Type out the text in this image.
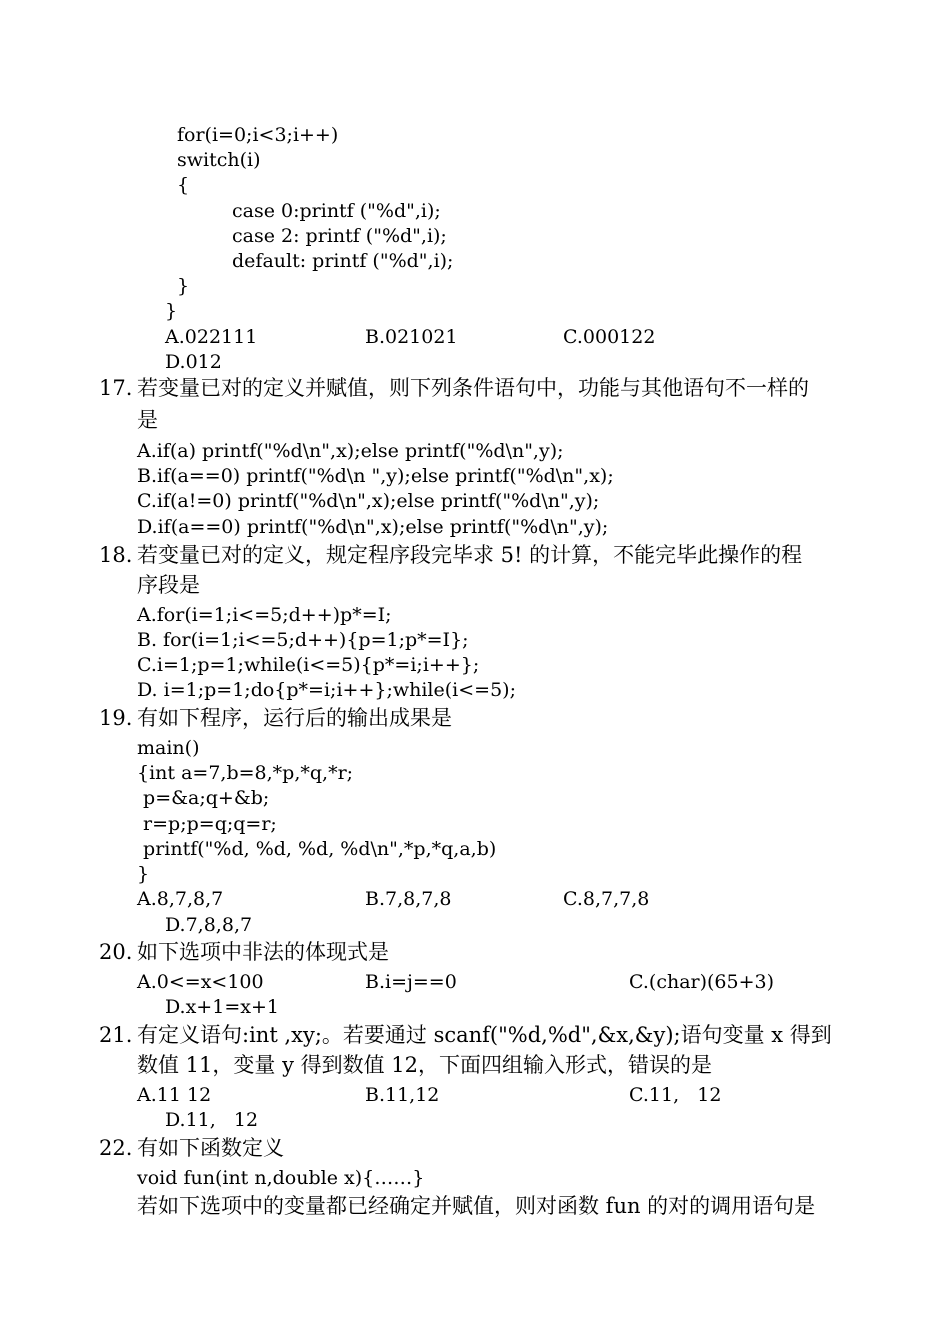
for(i=0;i<3;i++)
switch(i)
{
case 0:printf ("%d",i);
case 2: printf ("%d",i);
default: printf ("%d",i);
}
}
A.022111	B.021021	C.000122
D.012
17. 若变量已对的定义并赋值，则下列条件语句中，功能与其他语句不一样的
是
A.if(a) printf("%d\n",x);else printf("%d\n",y);
B.if(a==0) printf("%d\n ",y);else printf("%d\n",x);
C.if(a!=0) printf("%d\n",x);else printf("%d\n",y);
D.if(a==0) printf("%d\n",x);else printf("%d\n",y);
18. 若变量已对的定义，规定程序段完毕求 5! 的计算，不能完毕此操作的程
序段是
A.for(i=1;i<=5;d++)p*=I;
B. for(i=1;i<=5;d++){p=1;p*=I};
C.i=1;p=1;while(i<=5){p*=i;i++};
D. i=1;p=1;do{p*=i;i++};while(i<=5);
19. 有如下程序，运行后的输出成果是
main()
{int a=7,b=8,*p,*q,*r;
p=&a;q+&b;
r=p;p=q;q=r;
printf("%d, %d, %d, %d\n",*p,*q,a,b)
}
A.8,7,8,7	B.7,8,7,8	C.8,7,7,8
D.7,8,8,7
20. 如下选项中非法的体现式是
A.0<=x<100	B.i=j==0	C.(char)(65+3)
D.x+1=x+1
21. 有定义语句:int ,xy;。若要通过 scanf("%d,%d",&x,&y);语句变量 x 得到
数值 11，变量 y 得到数值 12，下面四组输入形式，错误的是
A.11 12	B.11,12	C.11,   12
D.11,   12
22. 有如下函数定义
void fun(int n,double x){……}
若如下选项中的变量都已经确定并赋值，则对函数 fun 的对的调用语句是
